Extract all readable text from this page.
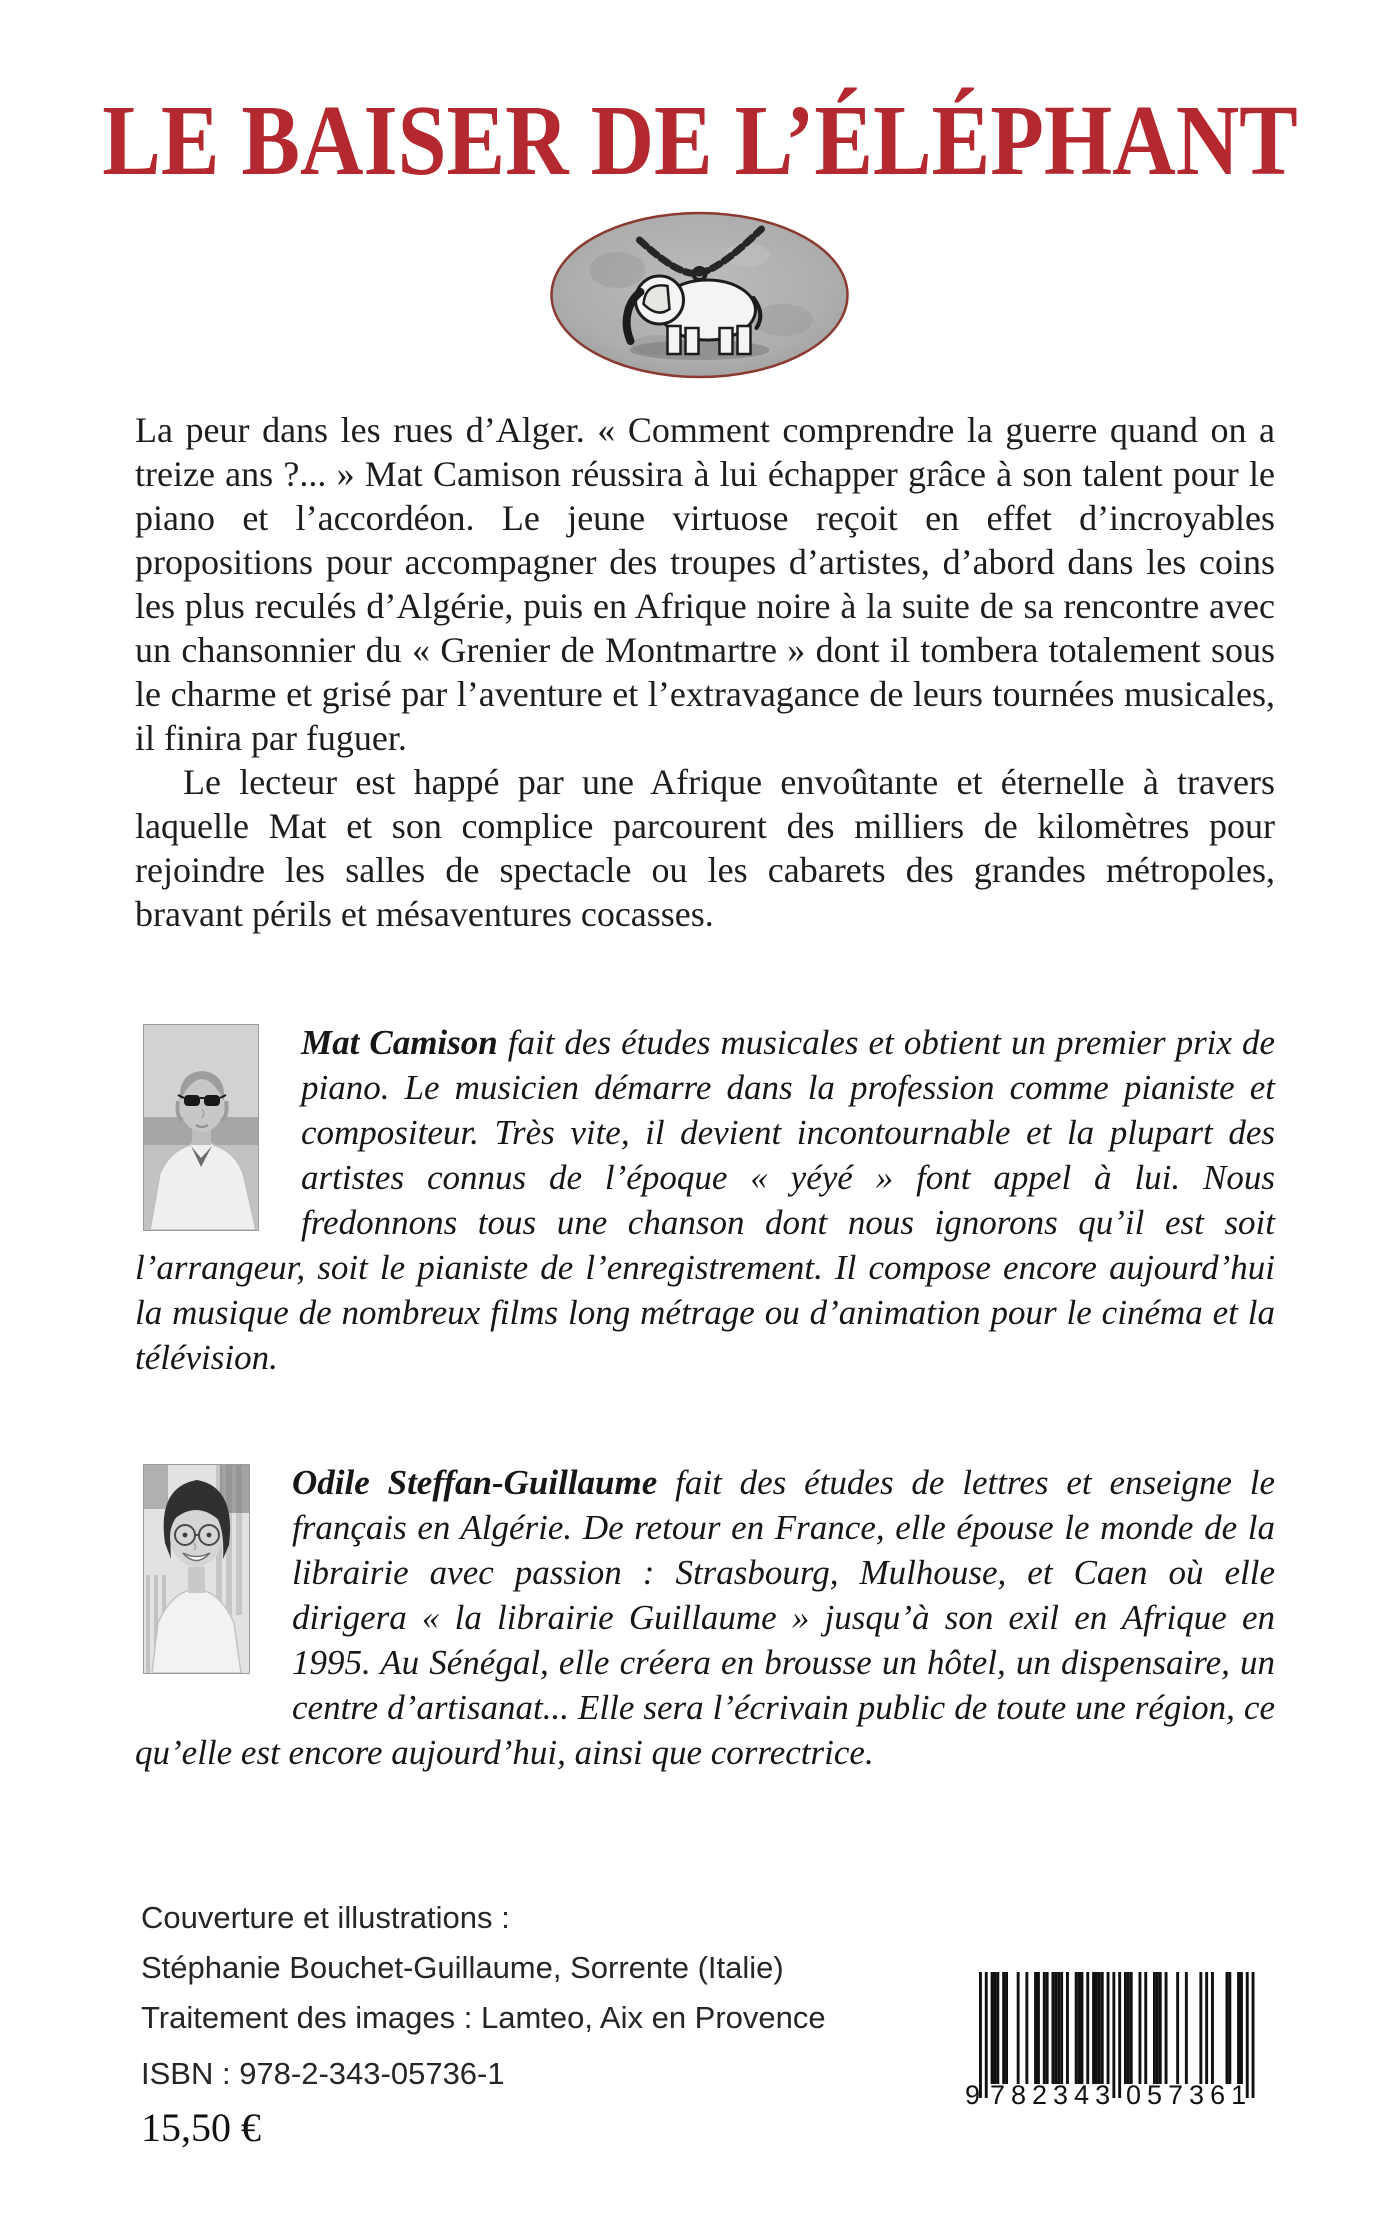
LE BAISER DE L’ÉLÉPHANT

La peur dans les rues d’Alger. « Comment comprendre la guerre quand on a treize ans ?... » Mat Camison réussira à lui échapper grâce à son talent pour le piano et l’accordéon. Le jeune virtuose reçoit en effet d’incroyables propositions pour accompagner des troupes d’artistes, d’abord dans les coins les plus reculés d’Algérie, puis en Afrique noire à la suite de sa rencontre avec un chansonnier du « Grenier de Montmartre » dont il tombera totalement sous le charme et grisé par l’aventure et l’extravagance de leurs tournées musicales, il finira par fuguer.

Le lecteur est happé par une Afrique envoûtante et éternelle à travers laquelle Mat et son complice parcourent des milliers de kilomètres pour rejoindre les salles de spectacle ou les cabarets des grandes métropoles, bravant périls et mésaventures cocasses.

Mat Camison fait des études musicales et obtient un premier prix de piano. Le musicien démarre dans la profession comme pianiste et compositeur. Très vite, il devient incontournable et la plupart des artistes connus de l’époque « yéyé » font appel à lui. Nous fredonnons tous une chanson dont nous ignorons qu’il est soit l’arrangeur, soit le pianiste de l’enregistrement. Il compose encore aujourd’hui la musique de nombreux films long métrage ou d’animation pour le cinéma et la télévision.
Odile Steffan-Guillaume fait des études de lettres et enseigne le français en Algérie. De retour en France, elle épouse le monde de la librairie avec passion : Strasbourg, Mulhouse, et Caen où elle dirigera « la librairie Guillaume » jusqu’à son exil en Afrique en 1995. Au Sénégal, elle créera en brousse un hôtel, un dispensaire, un centre d’artisanat... Elle sera l’écrivain public de toute une région, ce qu’elle est encore aujourd’hui, ainsi que correctrice.
Couverture et illustrations :
Stéphanie Bouchet-Guillaume, Sorrente (Italie)
Traitement des images : Lamteo, Aix en Provence
ISBN : 978-2-343-05736-1
15,50 €
9 782343 057361
